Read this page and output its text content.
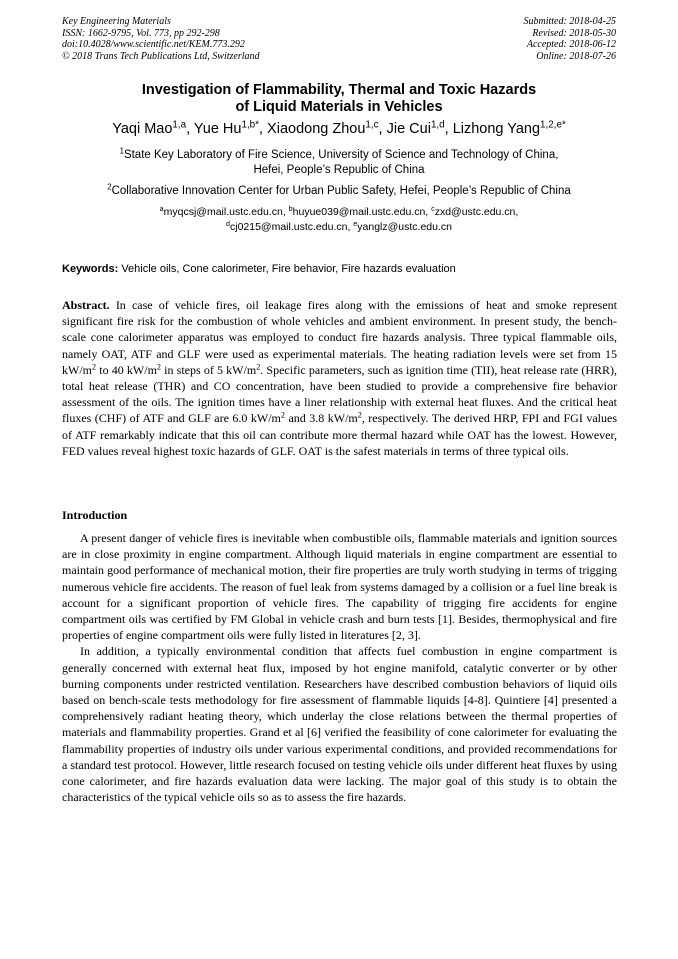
Key Engineering Materials
ISSN: 1662-9795, Vol. 773, pp 292-298
doi:10.4028/www.scientific.net/KEM.773.292
© 2018 Trans Tech Publications Ltd, Switzerland
Submitted: 2018-04-25
Revised: 2018-05-30
Accepted: 2018-06-12
Online: 2018-07-26
Investigation of Flammability, Thermal and Toxic Hazards
of Liquid Materials in Vehicles
Yaqi Mao$^{1,a}$, Yue $Hu^{1,b*}$, Xiaodong Zhou$^{1,c}$, Jie Cui$^{1,d}$, Lizhong Yang$^{1,2,e*}$
$^1$State Key Laboratory of Fire Science, University of Science and Technology of China,
Hefei, People’s Republic of China
$^2$Collaborative Innovation Center for Urban Public Safety, Hefei, People’s Republic of China
$^a$myqcsj@mail.ustc.edu.cn, $^b$huyue039@mail.ustc.edu.cn, $^c$zxd@ustc.edu.cn,
$^d$cj0215@mail.ustc.edu.cn, $^e$yanglz@ustc.edu.cn
Keywords: Vehicle oils, Cone calorimeter, Fire behavior, Fire hazards evaluation
Abstract. In case of vehicle fires, oil leakage fires along with the emissions of heat and smoke represent significant fire risk for the combustion of whole vehicles and ambient environment. In present study, the bench-scale cone calorimeter apparatus was employed to conduct fire hazards analysis. Three typical flammable oils, namely OAT, ATF and GLF were used as experimental materials. The heating radiation levels were set from 15 $kW/m^2$ to 40 $kW/m^2$ in steps of 5 $kW/m^2$. Specific parameters, such as ignition time (TII), heat release rate (HRR), total heat release (THR) and CO concentration, have been studied to provide a comprehensive fire behavior assessment of the oils. The ignition times have a liner relationship with external heat fluxes. And the critical heat fluxes (CHF) of ATF and GLF are 6.0 $kW/m^2$ and 3.8 $kW/m^2$, respectively. The derived HRP, FPI and FGI values of ATF remarkably indicate that this oil can contribute more thermal hazard while OAT has the lowest. However, FED values reveal highest toxic hazards of GLF. OAT is the safest materials in terms of three typical oils.
Introduction

A present danger of vehicle fires is inevitable when combustible oils, flammable materials and ignition sources are in close proximity in engine compartment. Although liquid materials in engine compartment are essential to maintain good performance of mechanical motion, their fire properties are truly worth studying in terms of trigging numerous vehicle fire accidents. The reason of fuel leak from systems damaged by a collision or a fuel line break is account for a significant proportion of vehicle fires. The capability of trigging fire accidents for engine compartment oils was certified by FM Global in vehicle crash and burn tests [1]. Besides, thermophysical and fire properties of engine compartment oils were fully listed in literatures [2, 3].

In addition, a typically environmental condition that affects fuel combustion in engine compartment is generally concerned with external heat flux, imposed by hot engine manifold, catalytic converter or by other burning components under restricted ventilation. Researchers have described combustion behaviors of liquid oils based on bench-scale tests methodology for fire assessment of flammable liquids [4-8]. Quintiere [4] presented a comprehensively radiant heating theory, which underlay the close relations between the thermal properties of materials and flammability properties. Grand et al [6] verified the feasibility of cone calorimeter for evaluating the flammability properties of industry oils under various experimental conditions, and provided recommendations for a standard test protocol. However, little research focused on testing vehicle oils under different heat fluxes by using cone calorimeter, and fire hazards evaluation data were lacking. The major goal of this study is to obtain the characteristics of the typical vehicle oils so as to assess the fire hazards.
